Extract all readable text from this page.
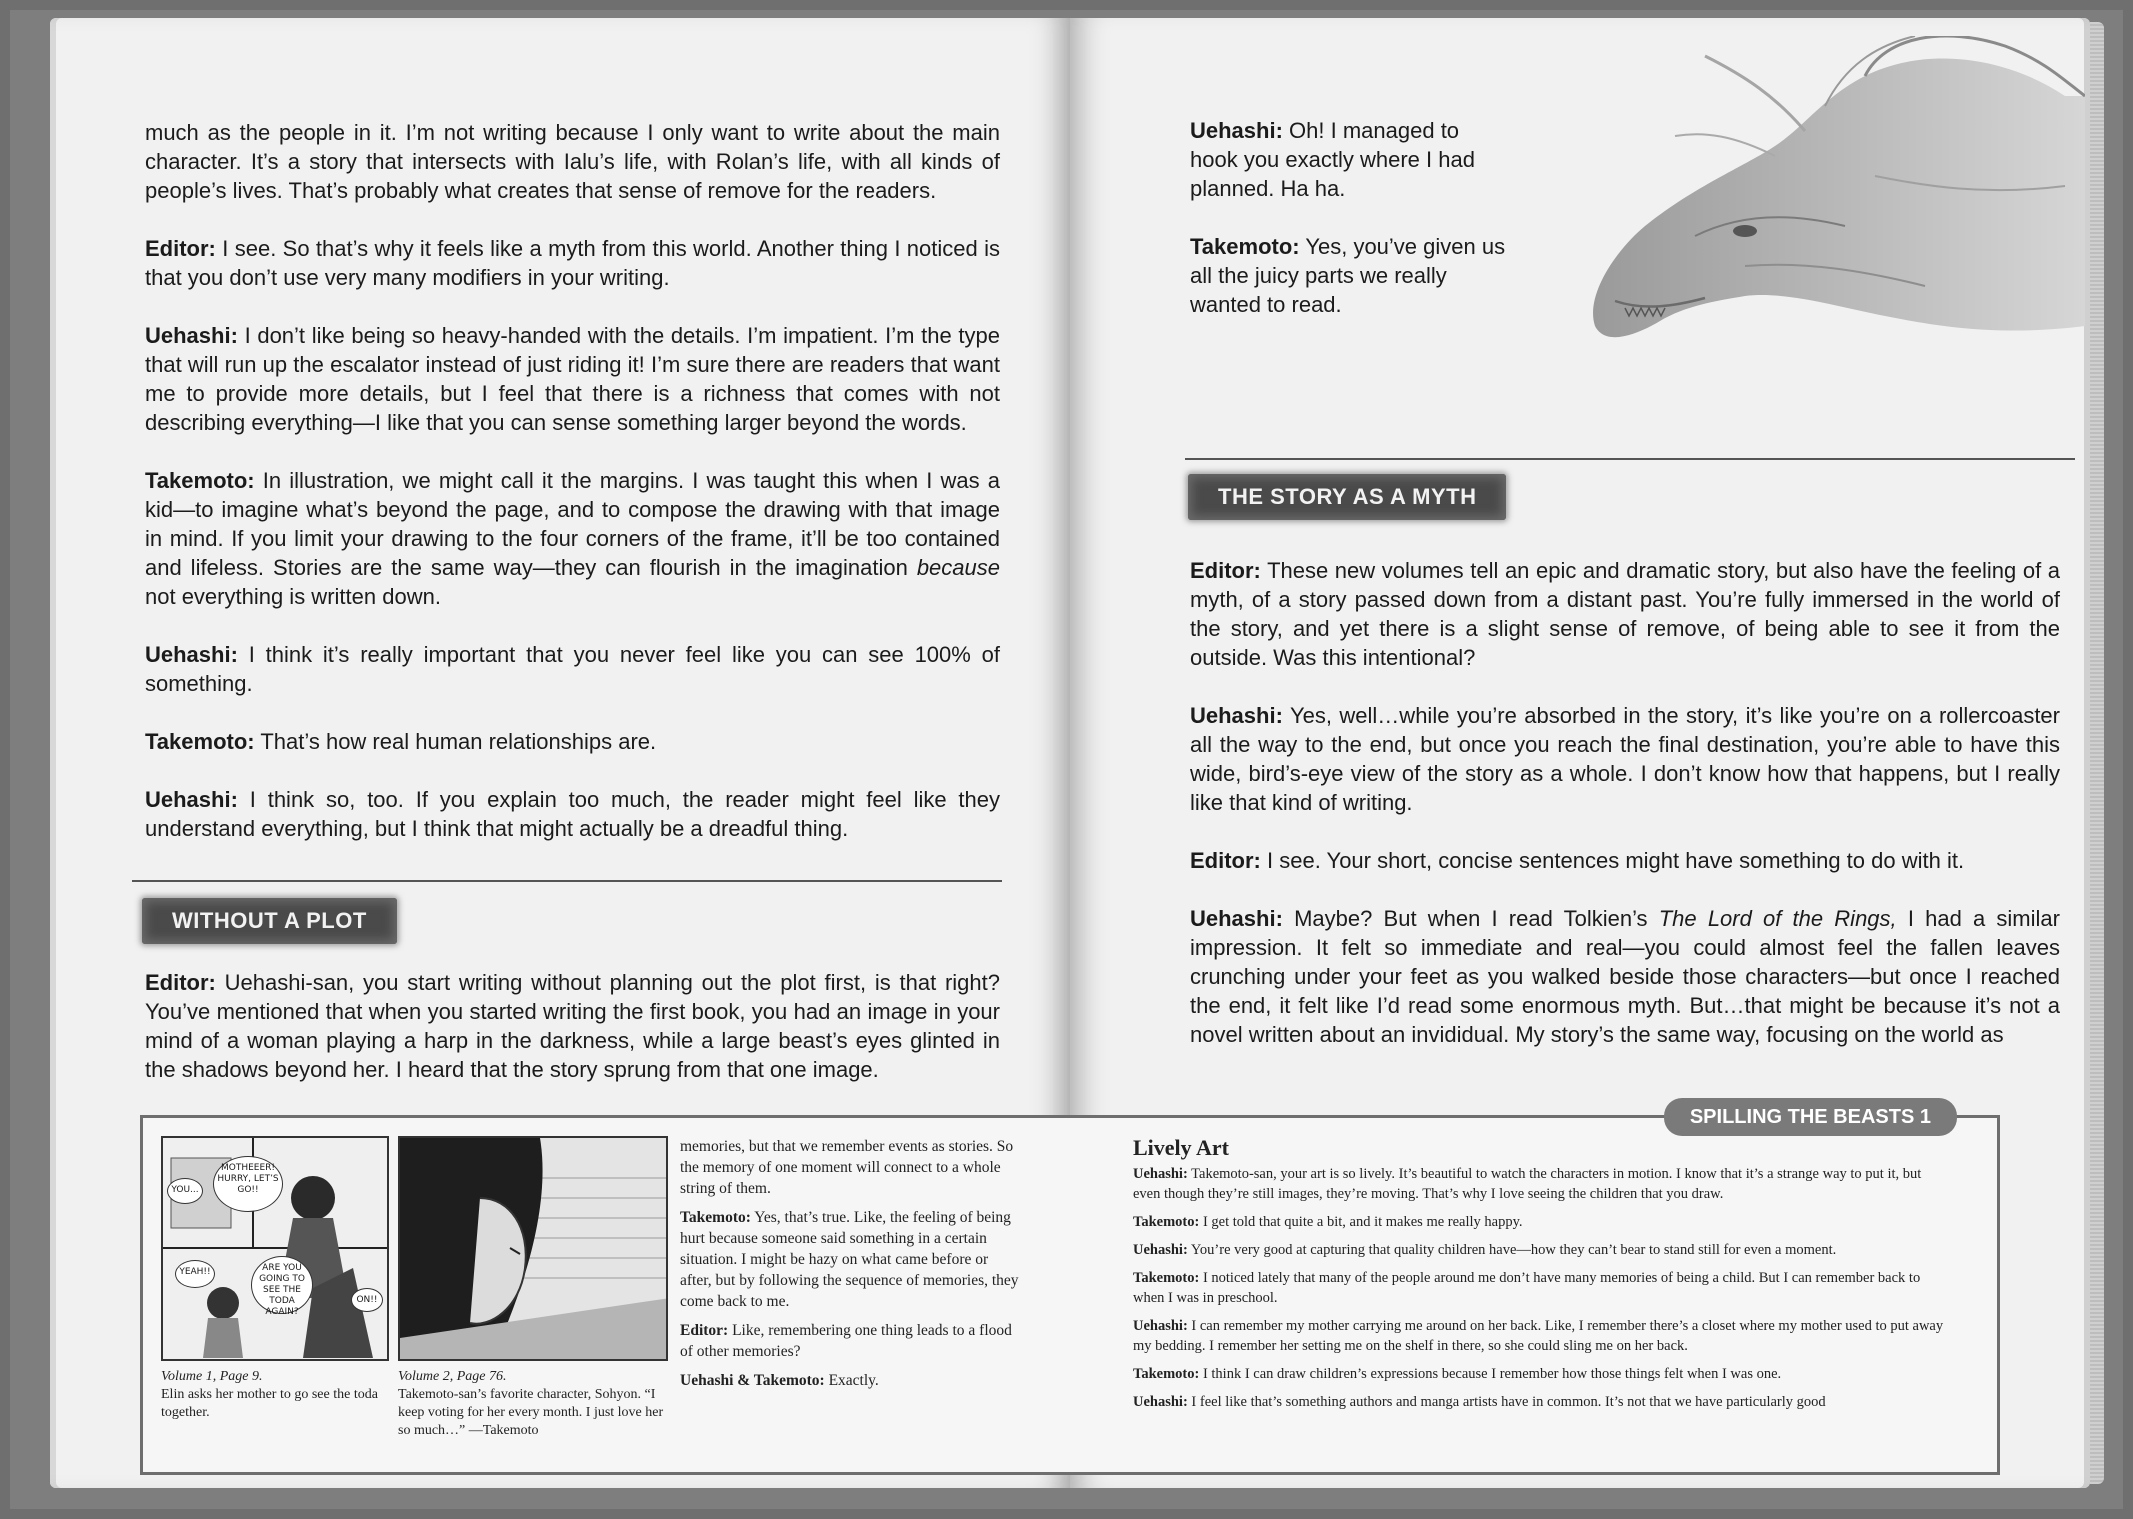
much as the people in it. I’m not writing because I only want to write about the main character. It’s a story that intersects with Ialu’s life, with Rolan’s life, with all kinds of people’s lives. That’s probably what creates that sense of remove for the readers.

Editor: I see. So that’s why it feels like a myth from this world. Another thing I noticed is that you don’t use very many modifiers in your writing.

Uehashi: I don’t like being so heavy-handed with the details. I’m impatient. I’m the type that will run up the escalator instead of just riding it! I’m sure there are readers that want me to provide more details, but I feel that there is a richness that comes with not describing everything—I like that you can sense something larger beyond the words.

Takemoto: In illustration, we might call it the margins. I was taught this when I was a kid—to imagine what’s beyond the page, and to compose the drawing with that image in mind. If you limit your drawing to the four corners of the frame, it’ll be too contained and lifeless. Stories are the same way—they can flourish in the imagination because not everything is written down.

Uehashi: I think it’s really important that you never feel like you can see 100% of something.

Takemoto: That’s how real human relationships are.

Uehashi: I think so, too. If you explain too much, the reader might feel like they understand everything, but I think that might actually be a dreadful thing.

WITHOUT A PLOT

Editor: Uehashi-san, you start writing without planning out the plot first, is that right? You’ve mentioned that when you started writing the first book, you had an image in your mind of a woman playing a harp in the darkness, while a large beast’s eyes glinted in the shadows beyond her. I heard that the story sprung from that one image.

Uehashi: Oh! I managed to hook you exactly where I had planned. Ha ha.

Takemoto: Yes, you’ve given us all the juicy parts we really wanted to read.

THE STORY AS A MYTH

Editor: These new volumes tell an epic and dramatic story, but also have the feeling of a myth, of a story passed down from a distant past. You’re fully immersed in the world of the story, and yet there is a slight sense of remove, of being able to see it from the outside. Was this intentional?

Uehashi: Yes, well…while you’re absorbed in the story, it’s like you’re on a rollercoaster all the way to the end, but once you reach the final destination, you’re able to have this wide, bird’s-eye view of the story as a whole. I don’t know how that happens, but I really like that kind of writing.

Editor: I see. Your short, concise sentences might have something to do with it.

Uehashi: Maybe? But when I read Tolkien’s The Lord of the Rings, I had a similar impression. It felt so immediate and real—you could almost feel the fallen leaves crunching under your feet as you walked beside those characters—but once I reached the end, it felt like I’d read some enormous myth. But…that might be because it’s not a novel written about an invididual. My story’s the same way, focusing on the world as

SPILLING THE BEASTS 1
MOTHEEER! HURRY, LET’S GO!!
YEAH!!	ARE YOU GOING TO SEE THE TODA AGAIN?
YOU...
ON!!
Volume 1, Page 9.
Elin asks her mother to go see the toda together.
Volume 2, Page 76.
Takemoto-san’s favorite character, Sohyon. “I keep voting for her every month. I just love her so much…” —Takemoto

memories, but that we remember events as stories. So the memory of one moment will connect to a whole string of them.

Takemoto: Yes, that’s true. Like, the feeling of being hurt because someone said something in a certain situation. I might be hazy on what came before or after, but by following the sequence of memories, they come back to me.

Editor: Like, remembering one thing leads to a flood of other memories?

Uehashi & Takemoto: Exactly.

Lively Art

Uehashi: Takemoto-san, your art is so lively. It’s beautiful to watch the characters in motion. I know that it’s a strange way to put it, but even though they’re still images, they’re moving. That’s why I love seeing the children that you draw.

Takemoto: I get told that quite a bit, and it makes me really happy.

Uehashi: You’re very good at capturing that quality children have—how they can’t bear to stand still for even a moment.

Takemoto: I noticed lately that many of the people around me don’t have many memories of being a child. But I can remember back to when I was in preschool.

Uehashi: I can remember my mother carrying me around on her back. Like, I remember there’s a closet where my mother used to put away my bedding. I remember her setting me on the shelf in there, so she could sling me on her back.

Takemoto: I think I can draw children’s expressions because I remember how those things felt when I was one.

Uehashi: I feel like that’s something authors and manga artists have in common. It’s not that we have particularly good
